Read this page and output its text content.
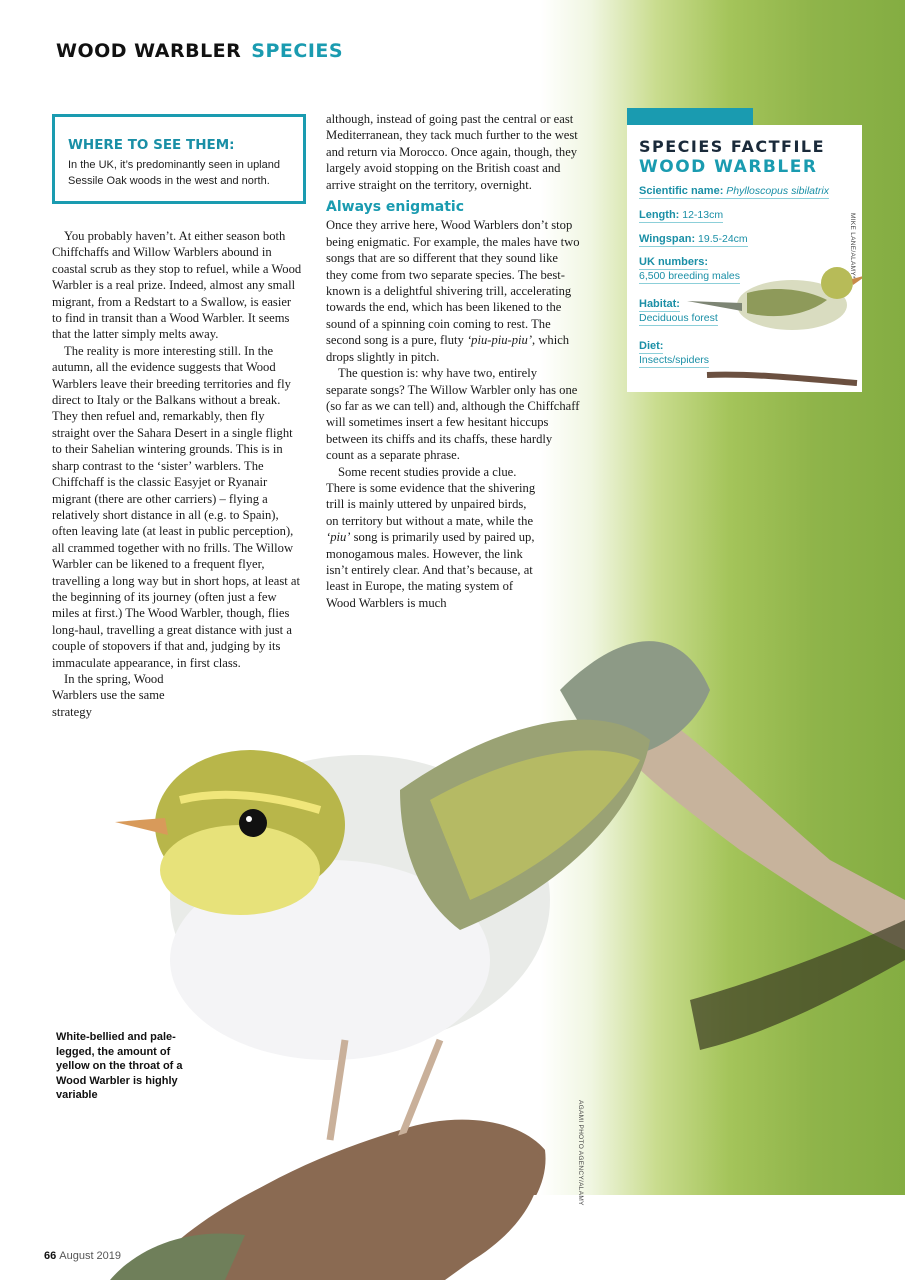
WOOD WARBLER SPECIES
WHERE TO SEE THEM:
In the UK, it’s predominantly seen in upland Sessile Oak woods in the west and north.

You probably haven’t. At either season both Chiffchaffs and Willow Warblers abound in coastal scrub as they stop to refuel, while a Wood Warbler is a real prize. Indeed, almost any small migrant, from a Redstart to a Swallow, is easier to find in transit than a Wood Warbler. It seems that the latter simply melts away.

The reality is more interesting still. In the autumn, all the evidence suggests that Wood Warblers leave their breeding territories and fly direct to Italy or the Balkans without a break. They then refuel and, remarkably, then fly straight over the Sahara Desert in a single flight to their Sahelian wintering grounds. This is in sharp contrast to the ‘sister’ warblers. The Chiffchaff is the classic Easyjet or Ryanair migrant (there are other carriers) – flying a relatively short distance in all (e.g. to Spain), often leaving late (at least in public perception), all crammed together with no frills. The Willow Warbler can be likened to a frequent flyer, travelling a long way but in short hops, at least at the beginning of its journey (often just a few miles at first.) The Wood Warbler, though, flies long-haul, travelling a great distance with just a couple of stopovers if that and, judging by its immaculate appearance, in first class.

In the spring, Wood Warblers use the same strategy

although, instead of going past the central or east Mediterranean, they tack much further to the west and return via Morocco. Once again, though, they largely avoid stopping on the British coast and arrive straight on the territory, overnight.

Always enigmatic

Once they arrive here, Wood Warblers don’t stop being enigmatic. For example, the males have two songs that are so different that they sound like they come from two separate species. The best-known is a delightful shivering trill, accelerating towards the end, which has been likened to the sound of a spinning coin coming to rest. The second song is a pure, fluty ‘piu-piu-piu’, which drops slightly in pitch.

The question is: why have two, entirely separate songs? The Willow Warbler only has one (so far as we can tell) and, although the Chiffchaff will sometimes insert a few hesitant hiccups between its chiffs and its chaffs, these hardly count as a separate phrase.

Some recent studies provide a clue. There is some evidence that the shivering trill is mainly uttered by unpaired birds, on territory but without a mate, while the ‘piu’ song is primarily used by paired up, monogamous males. However, the link isn’t entirely clear. And that’s because, at least in Europe, the mating system of Wood Warblers is much

SPECIES FACTFILE
WOOD WARBLER
Scientific name: Phylloscopus sibilatrix
Length: 12-13cm
Wingspan: 19.5-24cm
UK numbers:
6,500 breeding males
Habitat:
Deciduous forest
Diet:
Insects/spiders
MIKE LANE/ALAMY*
AGAMI PHOTO AGENCY/ALAMY
White-bellied and pale-legged, the amount of yellow on the throat of a Wood Warbler is highly variable
66 August 2019
